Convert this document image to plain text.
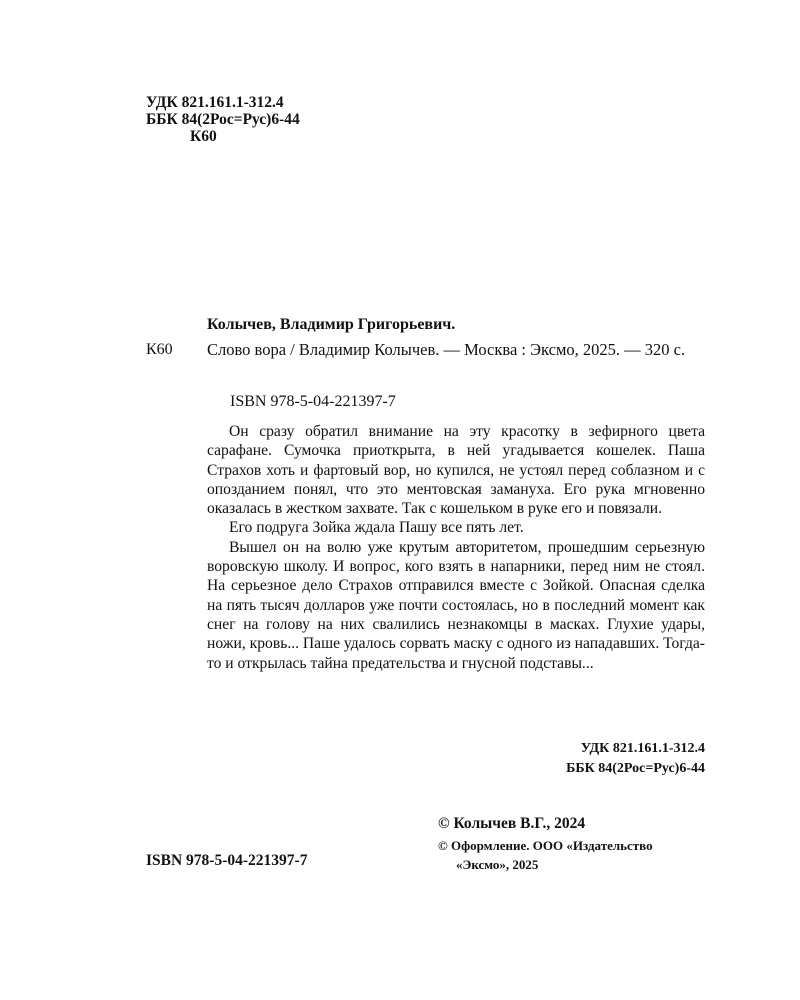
УДК 821.161.1-312.4
ББК 84(2Рос=Рус)6-44
К60
Колычев, Владимир Григорьевич.
К60 Слово вора / Владимир Колычев. — Москва : Эксмо, 2025. — 320 с.
ISBN 978-5-04-221397-7

Он сразу обратил внимание на эту красотку в зефирного цвета сарафане. Сумочка приоткрыта, в ней угадывается кошелек. Паша Страхов хоть и фартовый вор, но купился, не устоял перед соблазном и с опозданием понял, что это ментовская замануха. Его рука мгновенно оказалась в жестком захвате. Так с кошельком в руке его и повязали.

Его подруга Зойка ждала Пашу все пять лет.

Вышел он на волю уже крутым авторитетом, прошедшим серьезную воровскую школу. И вопрос, кого взять в напарники, перед ним не стоял. На серьезное дело Страхов отправился вместе с Зойкой. Опасная сделка на пять тысяч долларов уже почти состоялась, но в последний момент как снег на голову на них свалились незнакомцы в масках. Глухие удары, ножи, кровь... Паше удалось сорвать маску с одного из нападавших. Тогда-то и открылась тайна предательства и гнусной подставы...

УДК 821.161.1-312.4
ББК 84(2Рос=Рус)6-44
© Колычев В.Г., 2024
© Оформление. ООО «Издательство
«Эксмо», 2025
ISBN 978-5-04-221397-7
